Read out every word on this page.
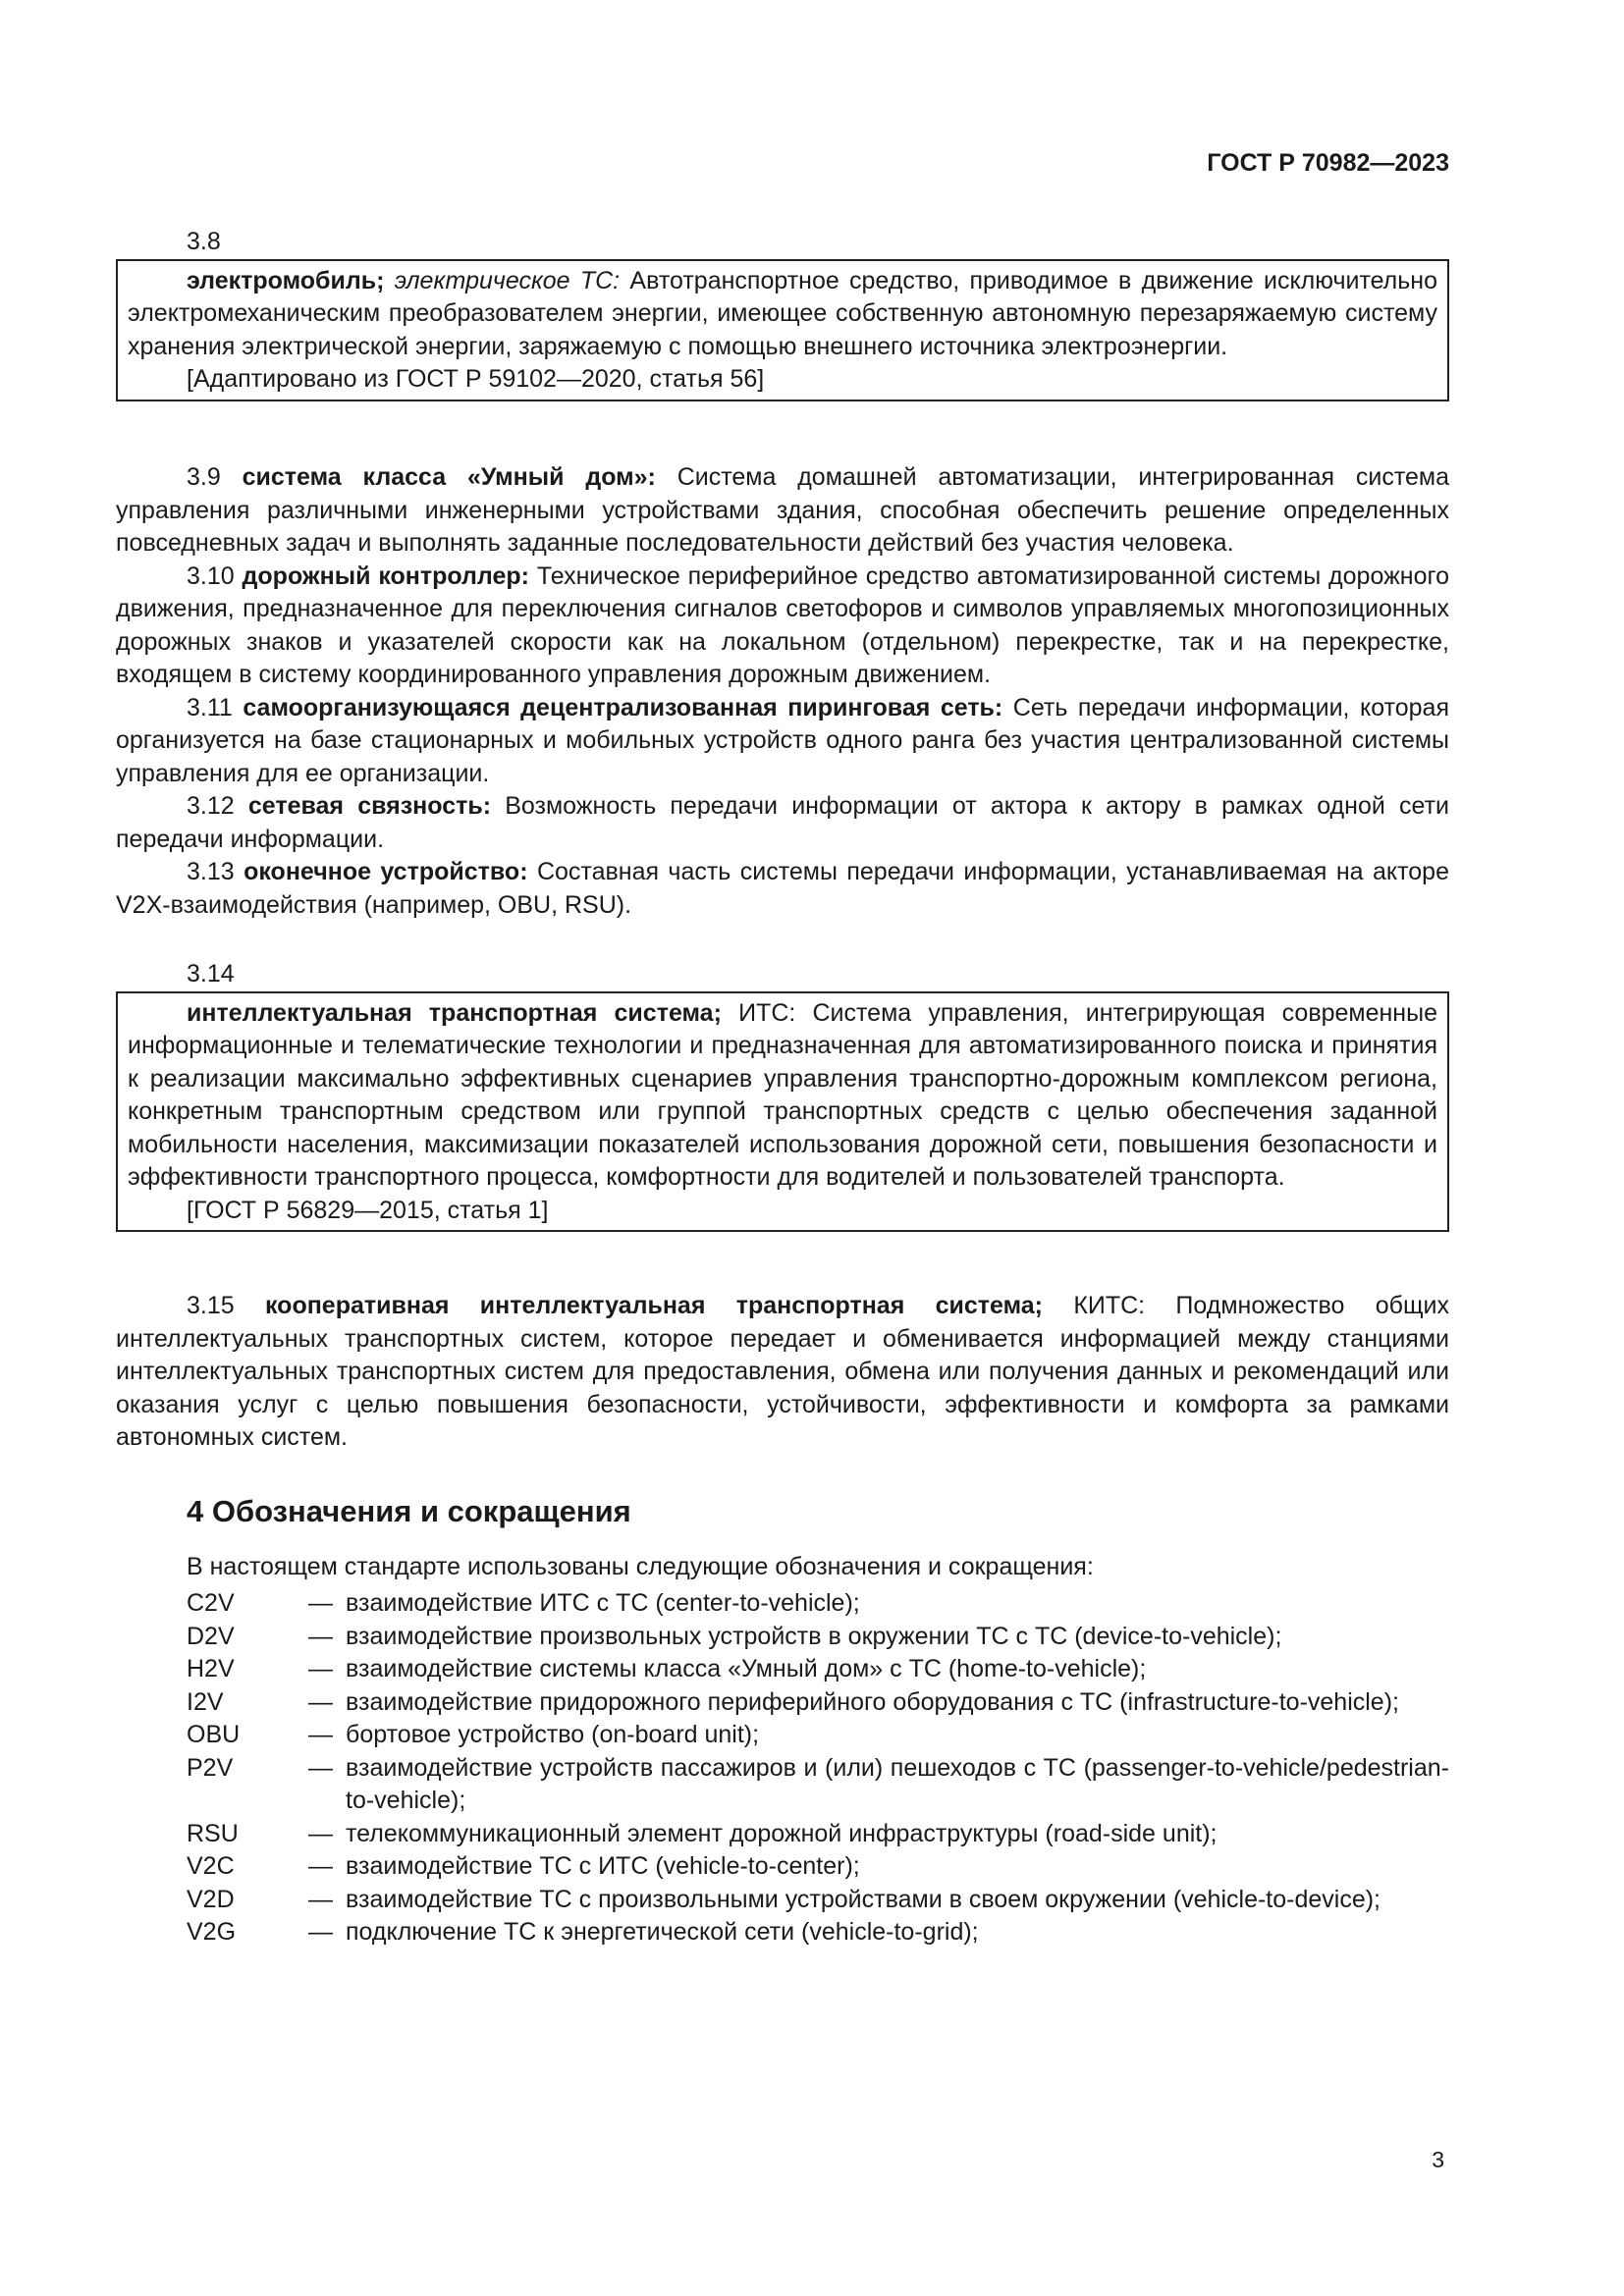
ГОСТ Р 70982—2023
3.8

электромобиль; электрическое ТС: Автотранспортное средство, приводимое в движение исключительно электромеханическим преобразователем энергии, имеющее собственную автономную перезаряжаемую систему хранения электрической энергии, заряжаемую с помощью внешнего источника электроэнергии.

[Адаптировано из ГОСТ Р 59102—2020, статья 56]

3.9 система класса «Умный дом»: Система домашней автоматизации, интегрированная система управления различными инженерными устройствами здания, способная обеспечить решение определенных повседневных задач и выполнять заданные последовательности действий без участия человека.

3.10 дорожный контроллер: Техническое периферийное средство автоматизированной системы дорожного движения, предназначенное для переключения сигналов светофоров и символов управляемых многопозиционных дорожных знаков и указателей скорости как на локальном (отдельном) перекрестке, так и на перекрестке, входящем в систему координированного управления дорожным движением.

3.11 самоорганизующаяся децентрализованная пиринговая сеть: Сеть передачи информации, которая организуется на базе стационарных и мобильных устройств одного ранга без участия централизованной системы управления для ее организации.

3.12 сетевая связность: Возможность передачи информации от актора к актору в рамках одной сети передачи информации.

3.13 оконечное устройство: Составная часть системы передачи информации, устанавливаемая на акторе V2X-взаимодействия (например, OBU, RSU).

3.14

интеллектуальная транспортная система; ИТС: Система управления, интегрирующая современные информационные и телематические технологии и предназначенная для автоматизированного поиска и принятия к реализации максимально эффективных сценариев управления транспортно-дорожным комплексом региона, конкретным транспортным средством или группой транспортных средств с целью обеспечения заданной мобильности населения, максимизации показателей использования дорожной сети, повышения безопасности и эффективности транспортного процесса, комфортности для водителей и пользователей транспорта.

[ГОСТ Р 56829—2015, статья 1]

3.15 кооперативная интеллектуальная транспортная система; КИТС: Подмножество общих интеллектуальных транспортных систем, которое передает и обменивается информацией между станциями интеллектуальных транспортных систем для предоставления, обмена или получения данных и рекомендаций или оказания услуг с целью повышения безопасности, устойчивости, эффективности и комфорта за рамками автономных систем.

4 Обозначения и сокращения
В настоящем стандарте использованы следующие обозначения и сокращения:
C2V	— взаимодействие ИТС с ТС (center-to-vehicle);
D2V	— взаимодействие произвольных устройств в окружении ТС с ТС (device-to-vehicle);
H2V	— взаимодействие системы класса «Умный дом» с ТС (home-to-vehicle);
I2V	— взаимодействие придорожного периферийного оборудования с ТС (infrastructure-to-vehicle);
OBU	— бортовое устройство (on-board unit);
P2V	— взаимодействие устройств пассажиров и (или) пешеходов с ТС (passenger-to-vehicle/pedestrian-to-vehicle);
RSU	— телекоммуникационный элемент дорожной инфраструктуры (road-side unit);
V2C	— взаимодействие ТС с ИТС (vehicle-to-center);
V2D	— взаимодействие ТС с произвольными устройствами в своем окружении (vehicle-to-device);
V2G	— подключение ТС к энергетической сети (vehicle-to-grid);
3
